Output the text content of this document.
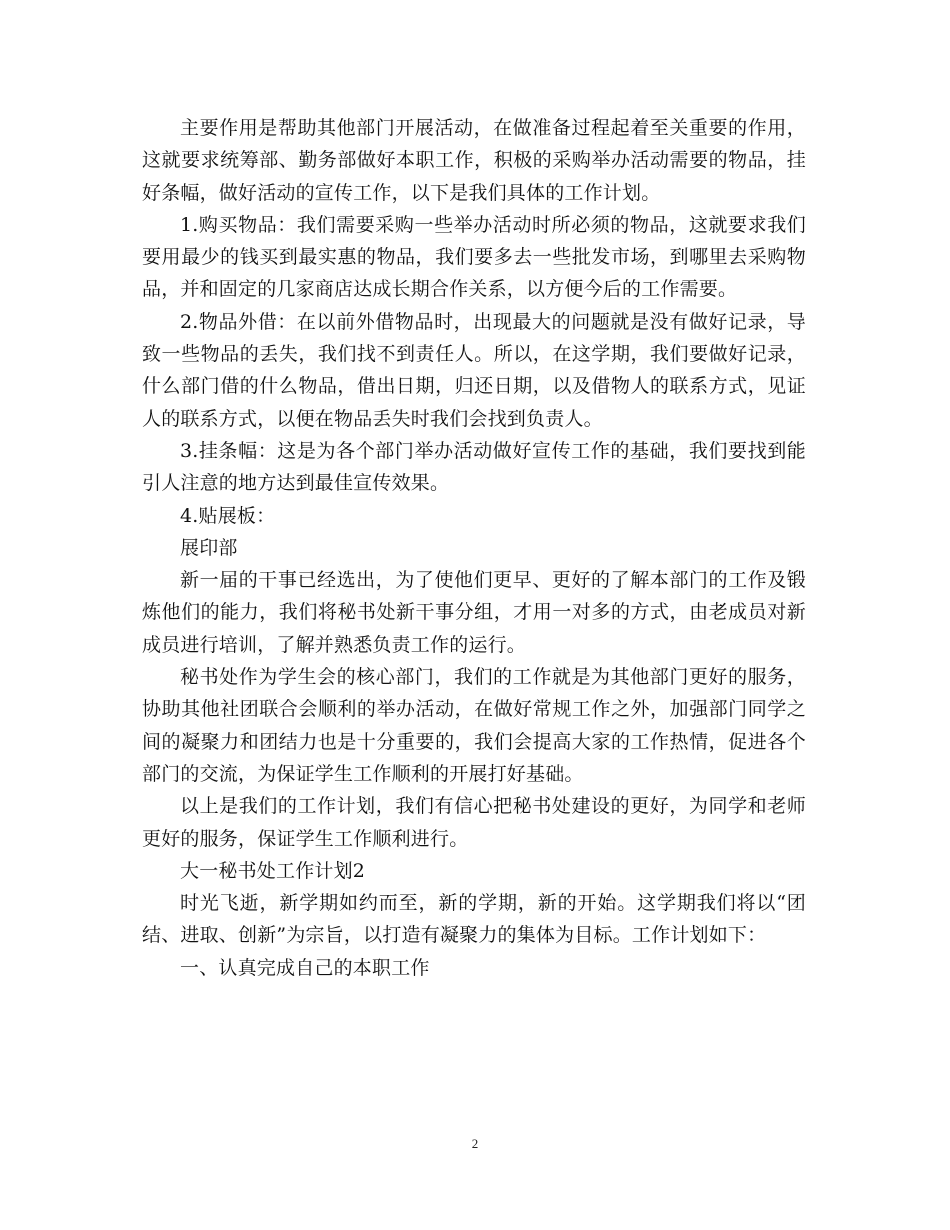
主要作用是帮助其他部门开展活动，在做准备过程起着至关重要的作用，这就要求统筹部、勤务部做好本职工作，积极的采购举办活动需要的物品，挂好条幅，做好活动的宣传工作，以下是我们具体的工作计划。

1.购买物品：我们需要采购一些举办活动时所必须的物品，这就要求我们要用最少的钱买到最实惠的物品，我们要多去一些批发市场，到哪里去采购物品，并和固定的几家商店达成长期合作关系，以方便今后的工作需要。

2.物品外借：在以前外借物品时，出现最大的问题就是没有做好记录，导致一些物品的丢失，我们找不到责任人。所以，在这学期，我们要做好记录，什么部门借的什么物品，借出日期，归还日期，以及借物人的联系方式，见证人的联系方式，以便在物品丢失时我们会找到负责人。

3.挂条幅：这是为各个部门举办活动做好宣传工作的基础，我们要找到能引人注意的地方达到最佳宣传效果。

4.贴展板：

展印部

新一届的干事已经选出，为了使他们更早、更好的了解本部门的工作及锻炼他们的能力，我们将秘书处新干事分组，才用一对多的方式，由老成员对新成员进行培训，了解并熟悉负责工作的运行。

秘书处作为学生会的核心部门，我们的工作就是为其他部门更好的服务，协助其他社团联合会顺利的举办活动，在做好常规工作之外，加强部门同学之间的凝聚力和团结力也是十分重要的，我们会提高大家的工作热情，促进各个部门的交流，为保证学生工作顺利的开展打好基础。

以上是我们的工作计划，我们有信心把秘书处建设的更好，为同学和老师更好的服务，保证学生工作顺利进行。

大一秘书处工作计划2

时光飞逝，新学期如约而至，新的学期，新的开始。这学期我们将以“团结、进取、创新”为宗旨，以打造有凝聚力的集体为目标。工作计划如下：

一、认真完成自己的本职工作

2
